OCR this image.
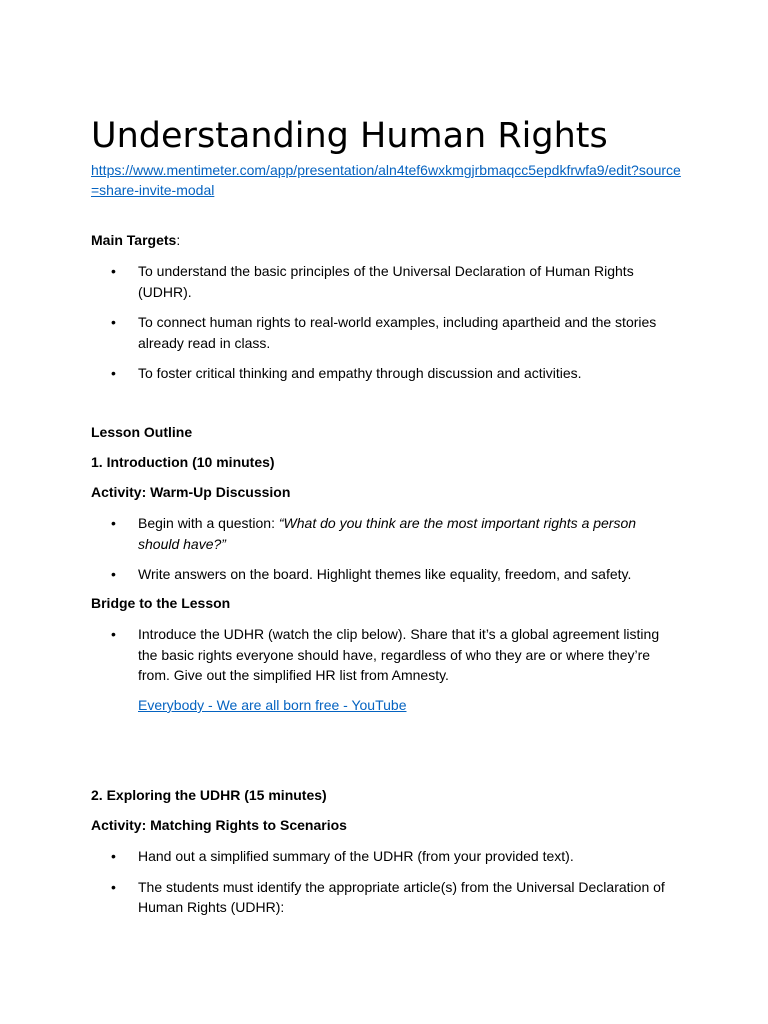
Understanding Human Rights
https://www.mentimeter.com/app/presentation/aln4tef6wxkmgjrbmaqcc5epdkfrwfa9/edit?source=share-invite-modal

Main Targets:

• To understand the basic principles of the Universal Declaration of Human Rights (UDHR).
• To connect human rights to real-world examples, including apartheid and the stories already read in class.
• To foster critical thinking and empathy through discussion and activities.

Lesson Outline

1. Introduction (10 minutes)

Activity: Warm-Up Discussion

• Begin with a question: “What do you think are the most important rights a person should have?”
• Write answers on the board. Highlight themes like equality, freedom, and safety.

Bridge to the Lesson

• Introduce the UDHR (watch the clip below). Share that it’s a global agreement listing the basic rights everyone should have, regardless of who they are or where they’re from. Give out the simplified HR list from Amnesty.
Everybody - We are all born free - YouTube

2. Exploring the UDHR (15 minutes)

Activity: Matching Rights to Scenarios

• Hand out a simplified summary of the UDHR (from your provided text).
• The students must identify the appropriate article(s) from the Universal Declaration of Human Rights (UDHR):
